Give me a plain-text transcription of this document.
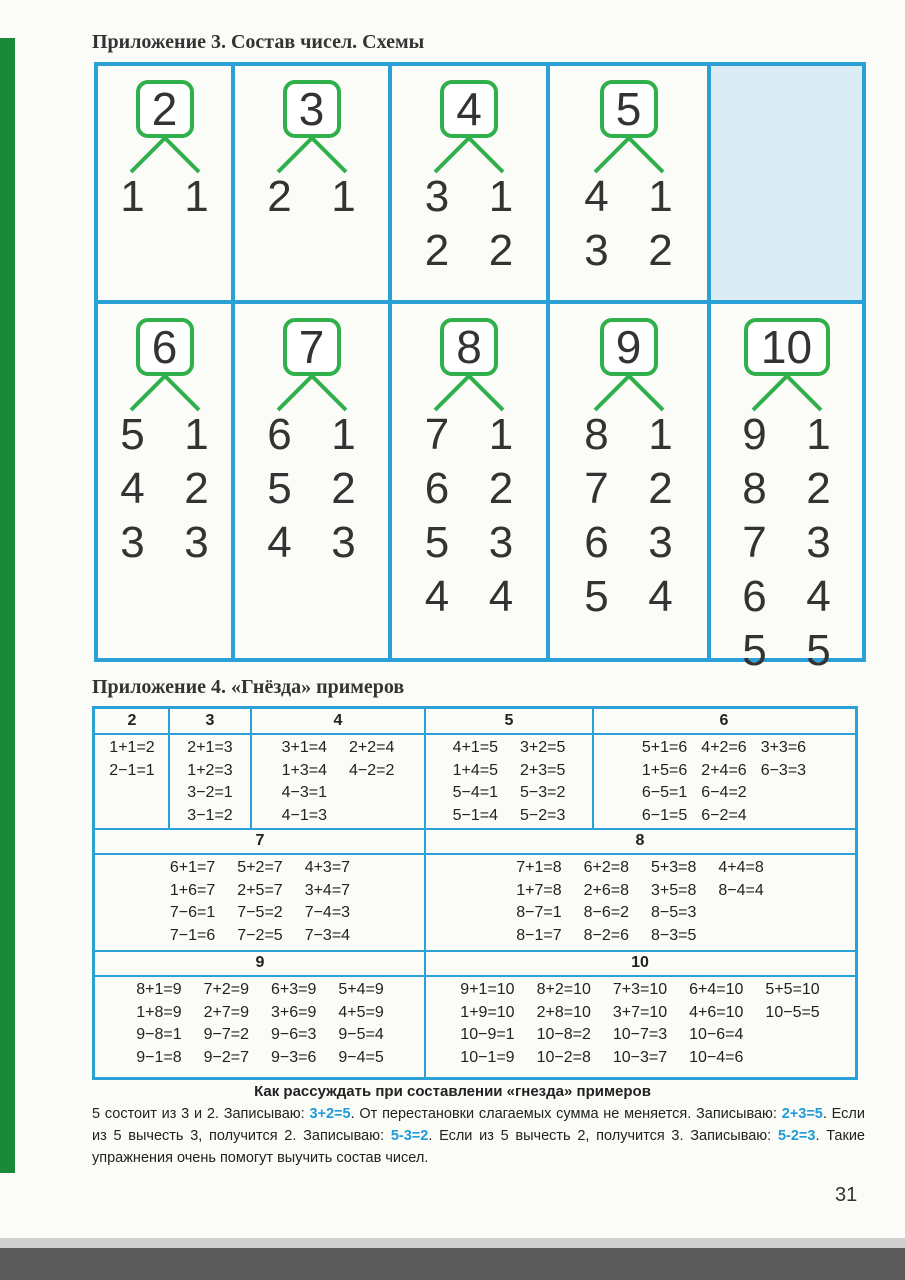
Приложение 3. Состав чисел. Схемы
2
1 1
3
2 1
4
3 1
2 2
5
4 1
3 2
6
5 1
4 2
3 3
7
6 1
5 2
4 3
8
7 1
6 2
5 3
4 4
9
8 1
7 2
6 3
5 4
10
9 1
8 2
7 3
6 4
5 5
Приложение 4. «Гнёзда» примеров
2
1+1=2
2−1=1
3
2+1=3
1+2=3
3−2=1
3−1=2
4
3+1=4
1+3=4
4−3=1
4−1=3
2+2=4
4−2=2
5
4+1=5
1+4=5
5−4=1
5−1=4
3+2=5
2+3=5
5−3=2
5−2=3
6
5+1=6
1+5=6
6−5=1
6−1=5
4+2=6
2+4=6
6−4=2
6−2=4
3+3=6
6−3=3
7
6+1=7
1+6=7
7−6=1
7−1=6
5+2=7
2+5=7
7−5=2
7−2=5
4+3=7
3+4=7
7−4=3
7−3=4
8
7+1=8
1+7=8
8−7=1
8−1=7
6+2=8
2+6=8
8−6=2
8−2=6
5+3=8
3+5=8
8−5=3
8−3=5
4+4=8
8−4=4
9
8+1=9
1+8=9
9−8=1
9−1=8
7+2=9
2+7=9
9−7=2
9−2=7
6+3=9
3+6=9
9−6=3
9−3=6
5+4=9
4+5=9
9−5=4
9−4=5
10
9+1=10
1+9=10
10−9=1
10−1=9
8+2=10
2+8=10
10−8=2
10−2=8
7+3=10
3+7=10
10−7=3
10−3=7
6+4=10
4+6=10
10−6=4
10−4=6
5+5=10
10−5=5
Как рассуждать при составлении «гнезда» примеров
5 состоит из 3 и 2. Записываю: 3+2=5. От перестановки слагаемых сумма не меняется. Записываю: 2+3=5. Если из 5 вычесть 3, получится 2. Записываю: 5-3=2. Если из 5 вычесть 2, получится 3. Записываю: 5-2=3. Такие упражнения очень помогут выучить состав чисел.
31
